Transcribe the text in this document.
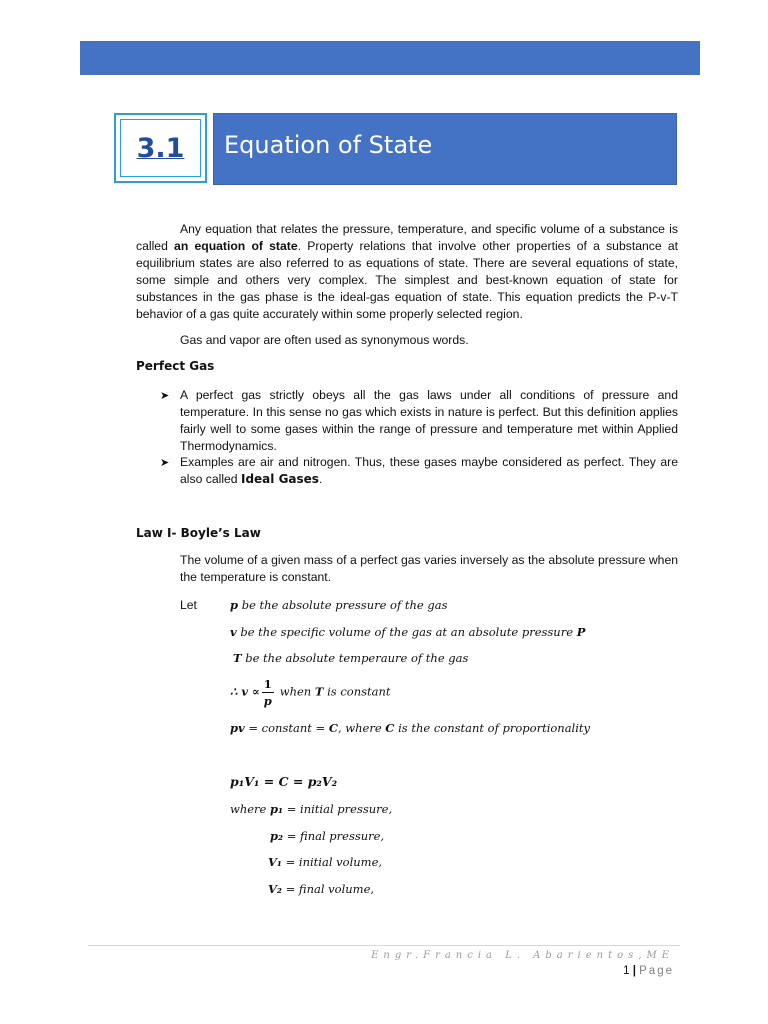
3.1 Equation of State
Any equation that relates the pressure, temperature, and specific volume of a substance is called an equation of state. Property relations that involve other properties of a substance at equilibrium states are also referred to as equations of state. There are several equations of state, some simple and others very complex. The simplest and best-known equation of state for substances in the gas phase is the ideal-gas equation of state. This equation predicts the P-v-T behavior of a gas quite accurately within some properly selected region.
Gas and vapor are often used as synonymous words.
Perfect Gas
➤ A perfect gas strictly obeys all the gas laws under all conditions of pressure and temperature. In this sense no gas which exists in nature is perfect. But this definition applies fairly well to some gases within the range of pressure and temperature met within Applied Thermodynamics.
➤ Examples are air and nitrogen. Thus, these gases maybe considered as perfect. They are also called Ideal Gases.
Law I- Boyle’s Law
The volume of a given mass of a perfect gas varies inversely as the absolute pressure when the temperature is constant.
Let	p be the absolute pressure of the gas
v be the specific volume of the gas at an absolute pressure P
T be the absolute temperaure of the gas
∴ $v \propto \frac{1}{p}$ when T is constant
pv = constant = C, where C is the constant of proportionality
p₁V₁ = C = p₂V₂
where p₁ = initial pressure,
p₂ = final pressure,
V₁ = initial volume,
V₂ = final volume,
Engr.Francia L. Abarientos,ME
1 | Page
